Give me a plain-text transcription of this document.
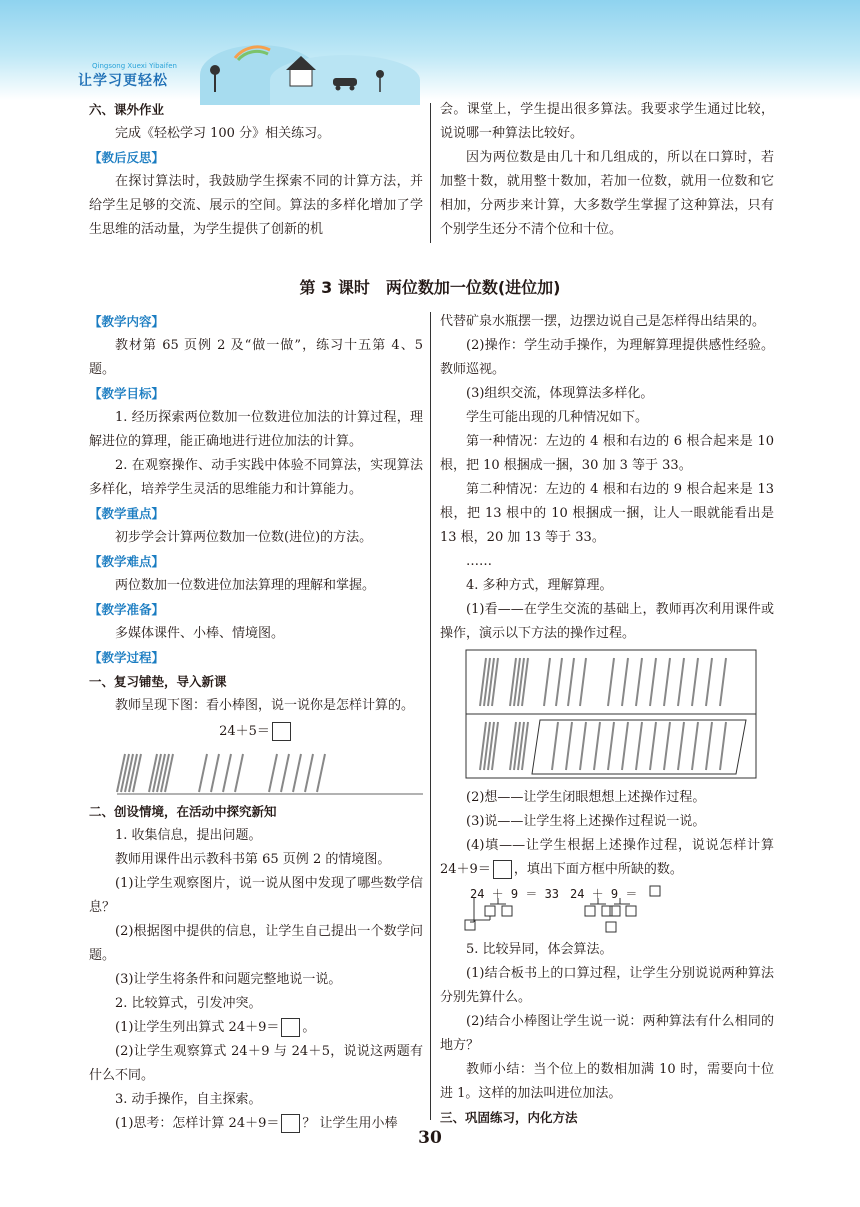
Qingsong Xuexi Yibaifen
让学习更轻松

六、课外作业

完成《轻松学习 100 分》相关练习。

【教后反思】

在探讨算法时，我鼓励学生探索不同的计算方法，并给学生足够的交流、展示的空间。算法的多样化增加了学生思维的活动量，为学生提供了创新的机

会。课堂上，学生提出很多算法。我要求学生通过比较，说说哪一种算法比较好。

因为两位数是由几十和几组成的，所以在口算时，若加整十数，就用整十数加，若加一位数，就用一位数和它相加，分两步来计算，大多数学生掌握了这种算法，只有个别学生还分不清个位和十位。

第 3 课时　两位数加一位数(进位加)

【教学内容】

教材第 65 页例 2 及“做一做”，练习十五第 4、5 题。

【教学目标】

1. 经历探索两位数加一位数进位加法的计算过程，理解进位的算理，能正确地进行进位加法的计算。

2. 在观察操作、动手实践中体验不同算法，实现算法多样化，培养学生灵活的思维能力和计算能力。

【教学重点】

初步学会计算两位数加一位数(进位)的方法。

【教学难点】

两位数加一位数进位加法算理的理解和掌握。

【教学准备】

多媒体课件、小棒、情境图。

【教学过程】

一、复习铺垫，导入新课

教师呈现下图：看小棒图，说一说你是怎样计算的。

24＋5＝

二、创设情境，在活动中探究新知

1. 收集信息，提出问题。

教师用课件出示教科书第 65 页例 2 的情境图。

(1)让学生观察图片，说一说从图中发现了哪些数学信息？

(2)根据图中提供的信息，让学生自己提出一个数学问题。

(3)让学生将条件和问题完整地说一说。

2. 比较算式，引发冲突。

(1)让学生列出算式 24＋9＝ 。

(2)让学生观察算式 24＋9 与 24＋5，说说这两题有什么不同。

3. 动手操作，自主探索。

(1)思考：怎样计算 24＋9＝ ？ 让学生用小棒

代替矿泉水瓶摆一摆，边摆边说自己是怎样得出结果的。

(2)操作：学生动手操作，为理解算理提供感性经验。教师巡视。

(3)组织交流，体现算法多样化。

学生可能出现的几种情况如下。

第一种情况：左边的 4 根和右边的 6 根合起来是 10 根，把 10 根捆成一捆，30 加 3 等于 33。

第二种情况：左边的 4 根和右边的 9 根合起来是 13 根，把 13 根中的 10 根捆成一捆，让人一眼就能看出是 13 根，20 加 13 等于 33。

……

4. 多种方式，理解算理。

(1)看——在学生交流的基础上，教师再次利用课件或操作，演示以下方法的操作过程。

(2)想——让学生闭眼想想上述操作过程。

(3)说——让学生将上述操作过程说一说。

(4)填——让学生根据上述操作过程，说说怎样计算 24＋9＝ ，填出下面方框中所缺的数。

24 ＋ 9 ＝ 33 24 ＋ 9 ＝

5. 比较异同，体会算法。

(1)结合板书上的口算过程，让学生分别说说两种算法分别先算什么。

(2)结合小棒图让学生说一说：两种算法有什么相同的地方？

教师小结：当个位上的数相加满 10 时，需要向十位进 1。这样的加法叫进位加法。

三、巩固练习，内化方法

30
